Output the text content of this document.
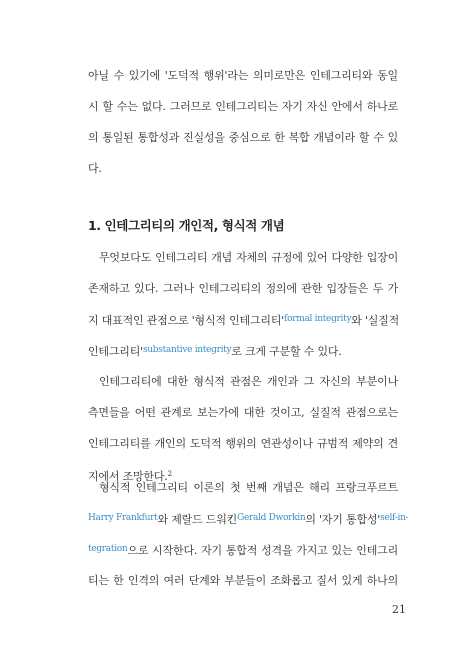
아닐 수 있기에 '도덕적 행위'라는 의미로만은 인테그리티와 동일
시 할 수는 없다. 그러므로 인테그리티는 자기 자신 안에서 하나로
의 통일된 통합성과 진실성을 중심으로 한 복합 개념이라 할 수 있
다.
1. 인테그리티의 개인적, 형식적 개념
무엇보다도 인테그리티 개념 자체의 규정에 있어 다양한 입장이
존재하고 있다. 그러나 인테그리티의 정의에 관한 입장들은 두 가
지 대표적인 관점으로 '형식적 인테그리티'$^{formal integrity}$와 '실질적
인테그리티'$^{substantive integrity}$로 크게 구분할 수 있다.
인테그리티에 대한 형식적 관점은 개인과 그 자신의 부분이나
측면들을 어떤 관계로 보는가에 대한 것이고, 실질적 관점으로는
인테그리티를 개인의 도덕적 행위의 연관성이나 규범적 제약의 견
지에서 조망한다.$^2$
형식적 인테그리티 이론의 첫 번째 개념은 해리 프랑크푸르트
$^{Harry Frankfurt}$와 제랄드 드워킨$^{Gerald Dworkin}$의 '자기 통합성'$^{self-in-}$
$^{tegration}$으로 시작한다. 자기 통합적 성격을 가지고 있는 인테그리
티는 한 인격의 여러 단계와 부분들이 조화롭고 질서 있게 하나의
21
